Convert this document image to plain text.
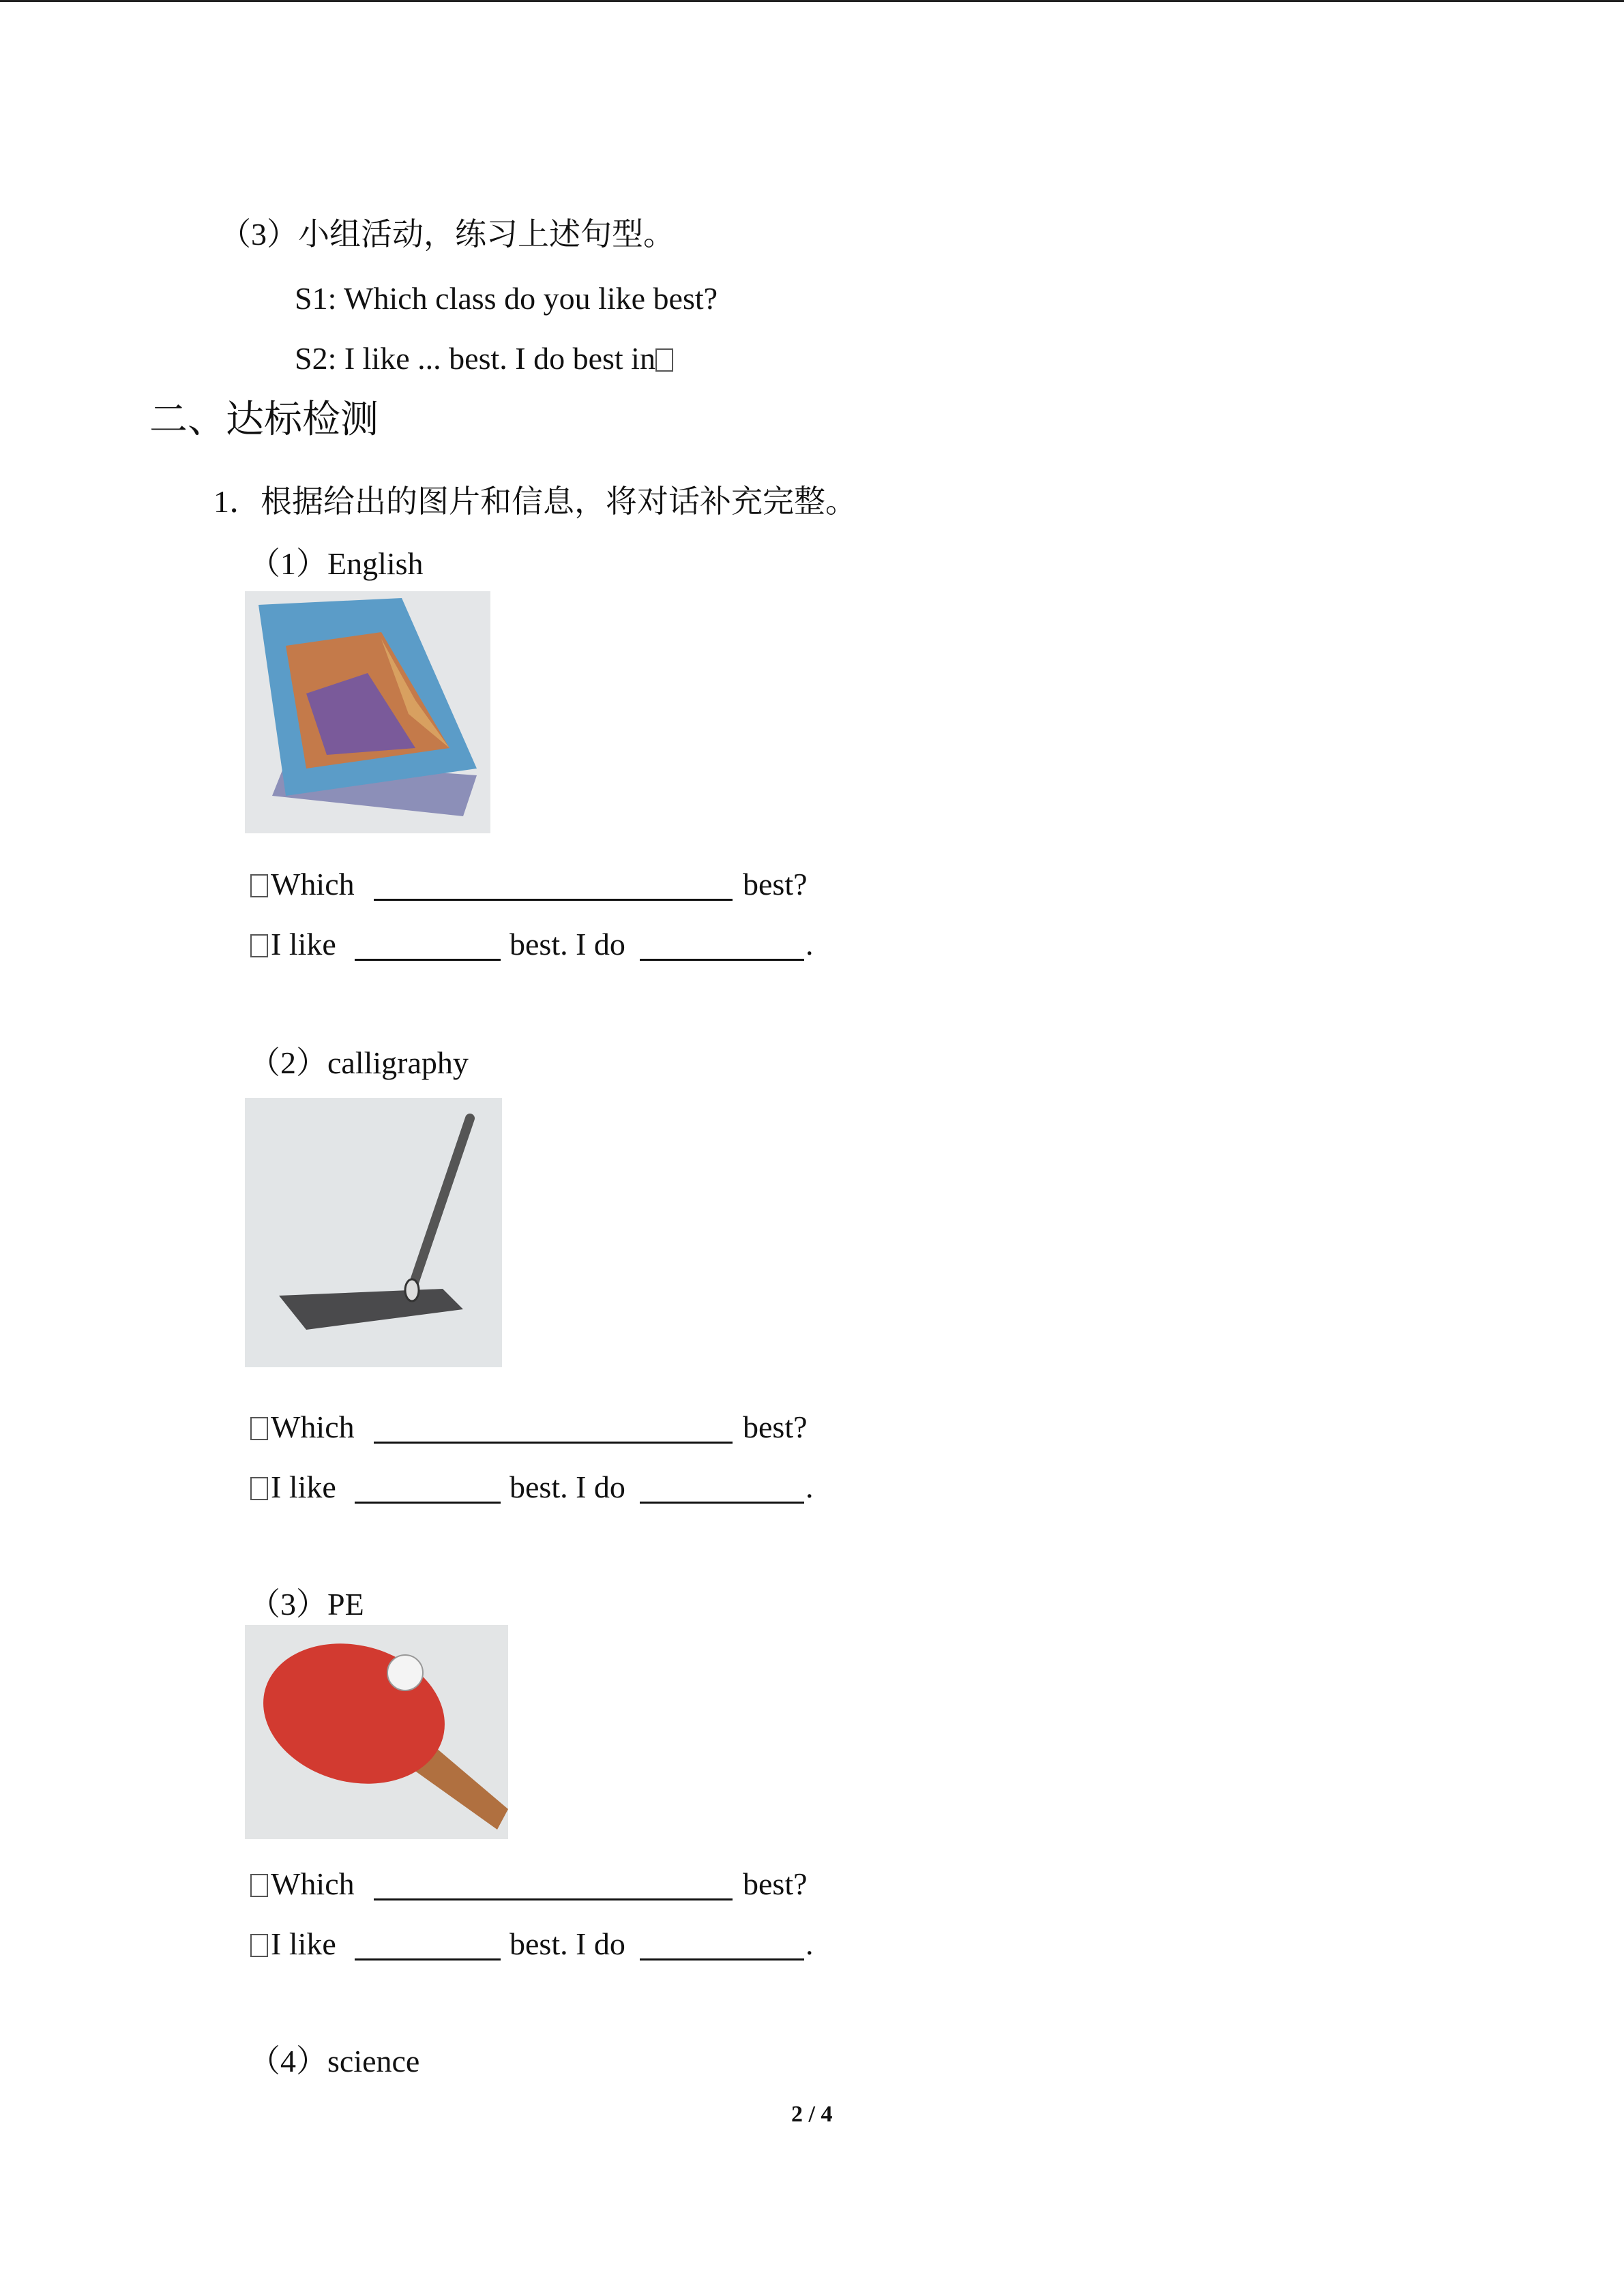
（3）小组活动，练习上述句型。
S1: Which class do you like best?
S2: I like ... best. I do best in
二、达标检测
1．根据给出的图片和信息，将对话补充完整。
（1）English
Which	best?
I like	best. I do	.
（2）calligraphy
Which	best?
I like	best. I do	.
（3）PE
Which	best?
I like	best. I do	.
（4）science
2 / 4
